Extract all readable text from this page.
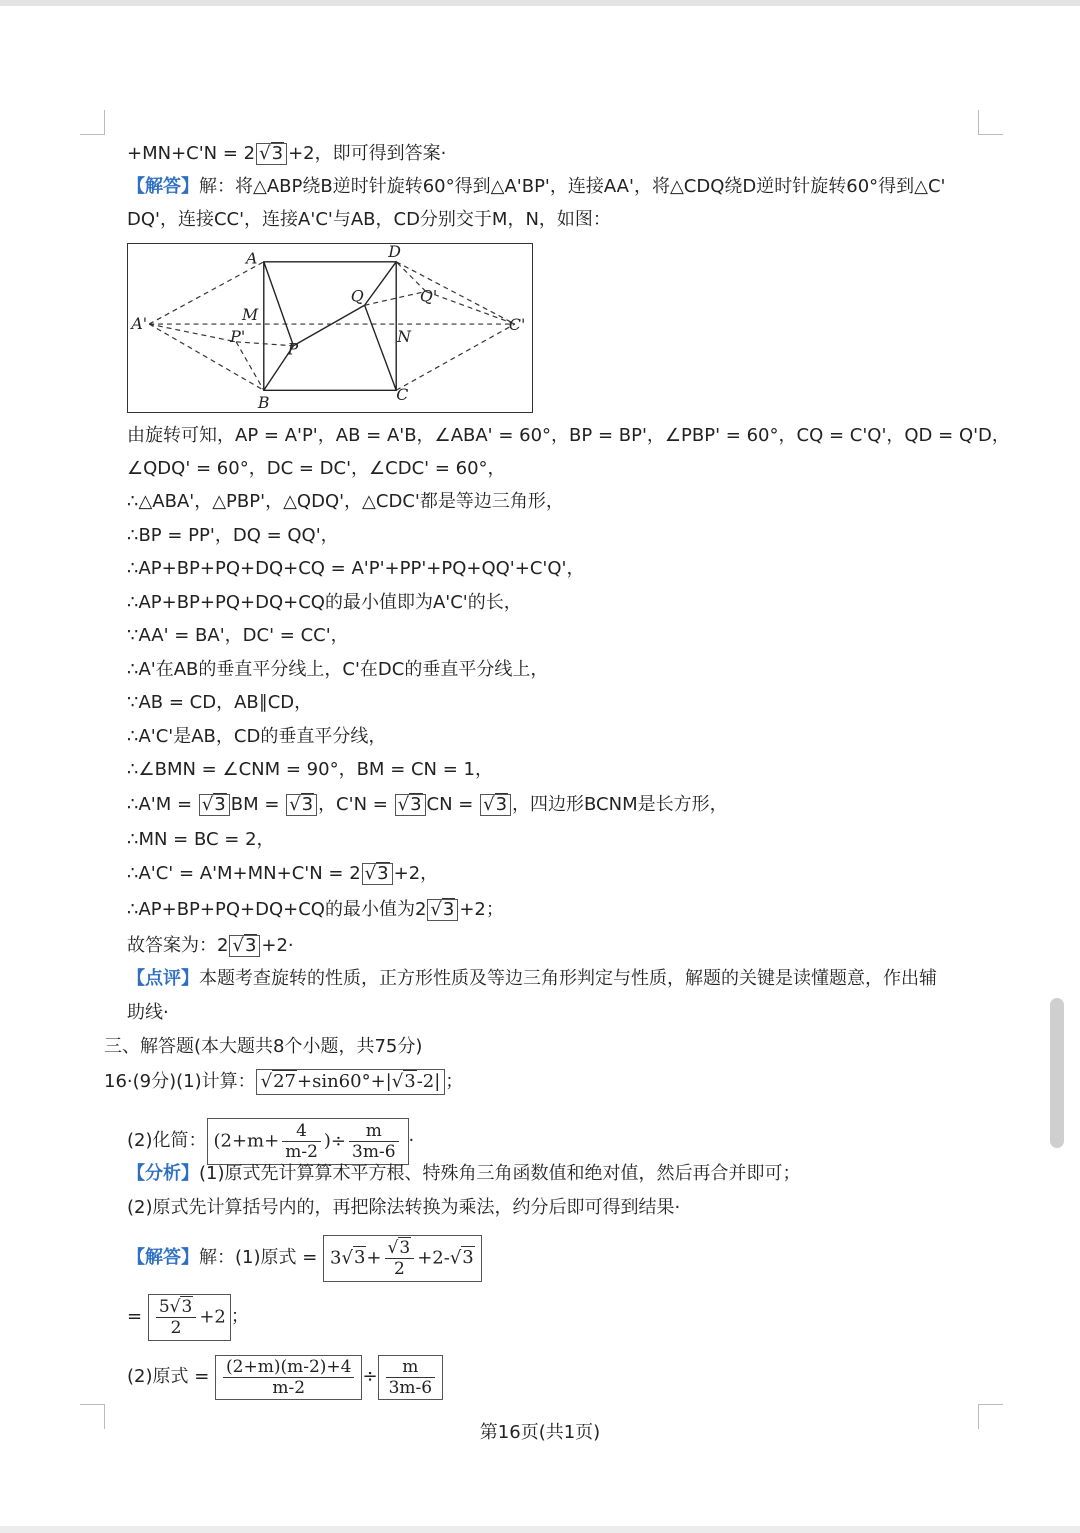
+MN+C'N = 2 √3 +2，即可得到答案·
【解答】解：将△ABP绕B逆时针旋转60°得到△A'BP'，连接AA'，将△CDQ绕D逆时针旋转60°得到△C'
DQ'，连接CC'，连接A'C'与AB，CD分别交于M，N，如图：
A	D
Q	Q'
A'	M
P'
P
N
C'
B	C
由旋转可知，AP = A'P'，AB = A'B，∠ABA' = 60°，BP = BP'，∠PBP' = 60°，CQ = C'Q'，QD = Q'D，
∠QDQ' = 60°，DC = DC'，∠CDC' = 60°，
∴△ABA'，△PBP'，△QDQ'，△CDC'都是等边三角形，
∴BP = PP'，DQ = QQ'，
∴AP+BP+PQ+DQ+CQ = A'P'+PP'+PQ+QQ'+C'Q'，
∴AP+BP+PQ+DQ+CQ的最小值即为A'C'的长，
∵AA' = BA'，DC' = CC'，
∴A'在AB的垂直平分线上，C'在DC的垂直平分线上，
∵AB = CD，AB∥CD，
∴A'C'是AB，CD的垂直平分线，
∴∠BMN = ∠CNM = 90°，BM = CN = 1，
∴A'M = √3 BM = √3 ，C'N = √3 CN = √3 ，四边形BCNM是长方形，
∴MN = BC = 2，
∴A'C' = A'M+MN+C'N = 2 √3 +2，
∴AP+BP+PQ+DQ+CQ的最小值为2 √3 +2；
故答案为：2 √3 +2·
【点评】本题考查旋转的性质，正方形性质及等边三角形判定与性质，解题的关键是读懂题意，作出辅
助线·
三、解答题(本大题共8个小题，共75分)
16·(9分)(1)计算： √27+sin60°+|√3-2| ；
(2)化简： ($2+m+ \frac{4}{m-2}$ )÷ $\frac{m}{3m-6}$ ·
【分析】(1)原式先计算算术平方根、特殊角三角函数值和绝对值，然后再合并即可；
(2)原式先计算括号内的，再把除法转换为乘法，约分后即可得到结果·
【解答】解：(1)原式 = $3√3+ \frac{√3}{2} +2-√3$
= $\frac{5√3}{2} +2$ ；
(2)原式 = $\frac{(2+m)(m-2)+4}{m-2} \div \frac{m}{3m-6}$
第16页(共1页)
